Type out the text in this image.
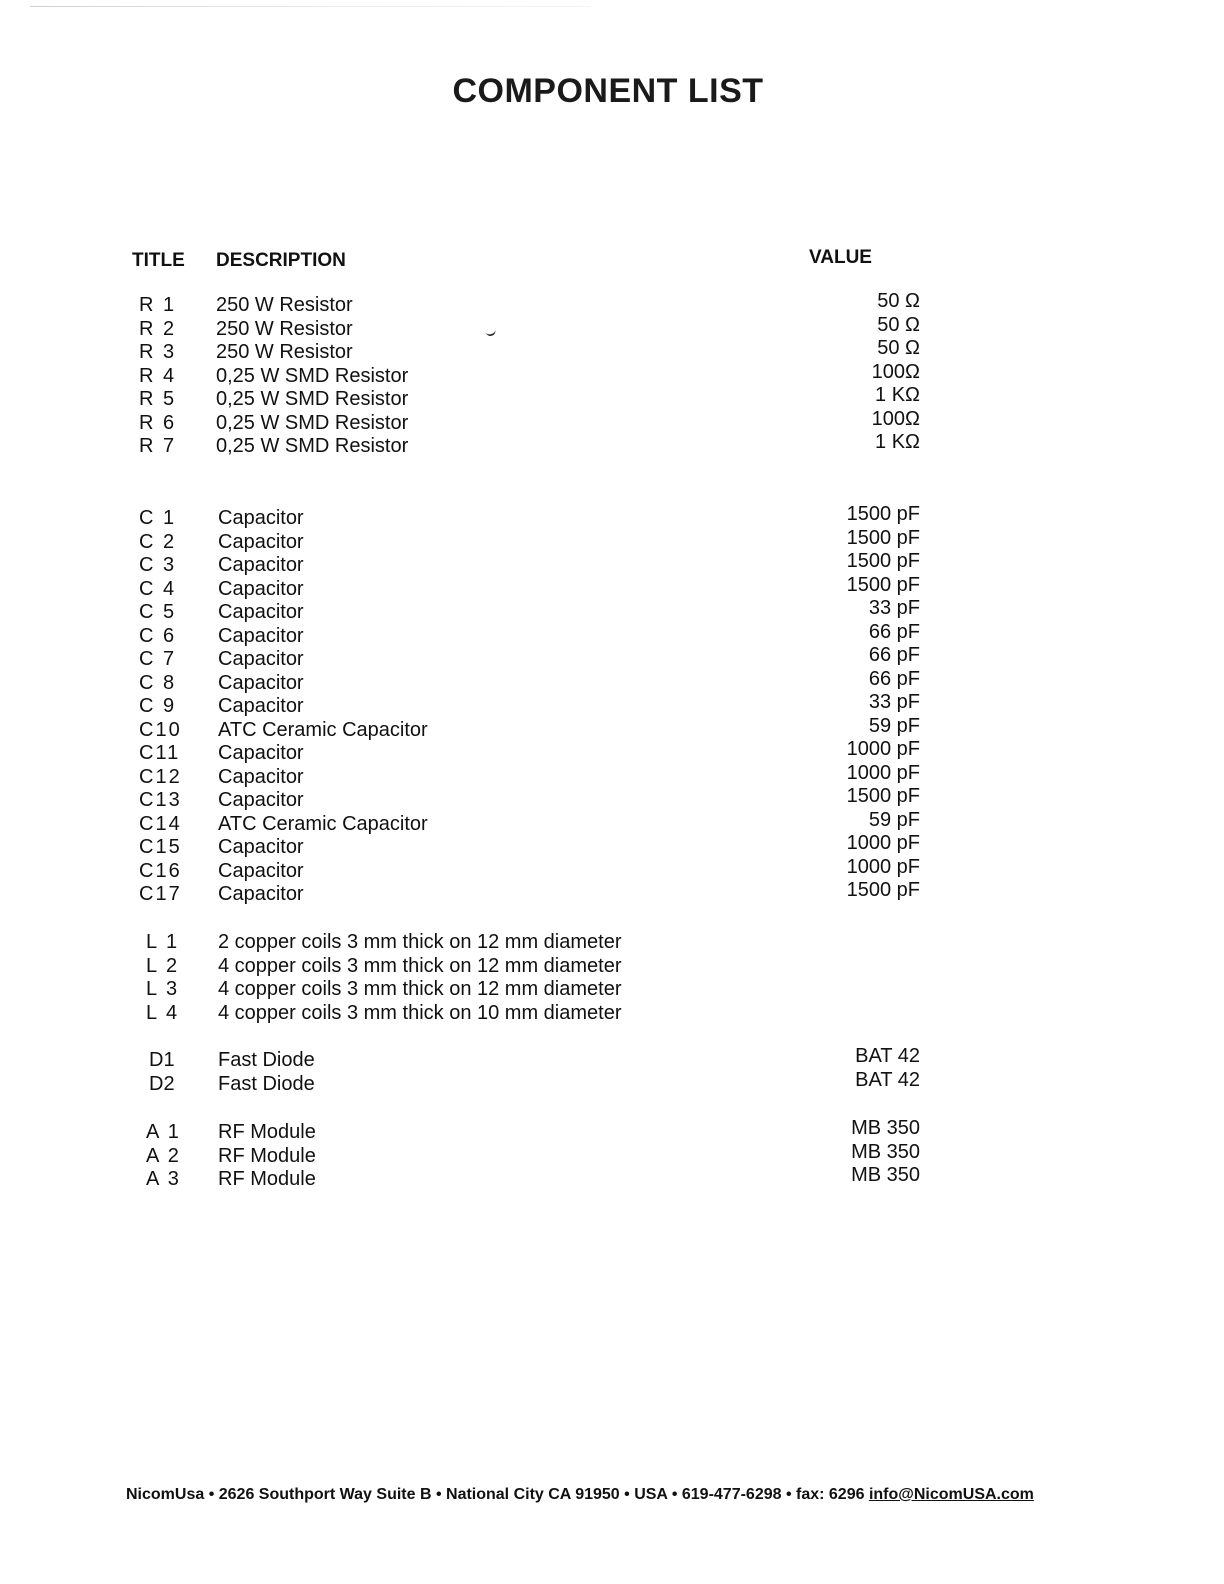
COMPONENT LIST
TITLE DESCRIPTION	VALUE
R 1 250 W Resistor	50 Ω
R 2 250 W Resistor	50 Ω
R 3 250 W Resistor	50 Ω
R 4 0,25 W SMD Resistor	100Ω
R 5 0,25 W SMD Resistor	1 KΩ
R 6 0,25 W SMD Resistor	100Ω
R 7 0,25 W SMD Resistor	1 KΩ
C 1 Capacitor	1500 pF
C 2 Capacitor	1500 pF
C 3 Capacitor	1500 pF
C 4 Capacitor	1500 pF
C 5 Capacitor	33 pF
C 6 Capacitor	66 pF
C 7 Capacitor	66 pF
C 8 Capacitor	66 pF
C 9 Capacitor	33 pF
C10 ATC Ceramic Capacitor	59 pF
C11 Capacitor	1000 pF
C12 Capacitor	1000 pF
C13 Capacitor	1500 pF
C14 ATC Ceramic Capacitor	59 pF
C15 Capacitor	1000 pF
C16 Capacitor	1000 pF
C17 Capacitor	1500 pF
L 1 2 copper coils 3 mm thick on 12 mm diameter
L 2 4 copper coils 3 mm thick on 12 mm diameter
L 3 4 copper coils 3 mm thick on 12 mm diameter
L 4 4 copper coils 3 mm thick on 10 mm diameter
D1 Fast Diode	BAT 42
D2 Fast Diode	BAT 42
A 1 RF Module	MB 350
A 2 RF Module	MB 350
A 3 RF Module	MB 350
NicomUsa • 2626 Southport Way Suite B • National City CA 91950 • USA • 619-477-6298 • fax: 6296 info@NicomUSA.com
